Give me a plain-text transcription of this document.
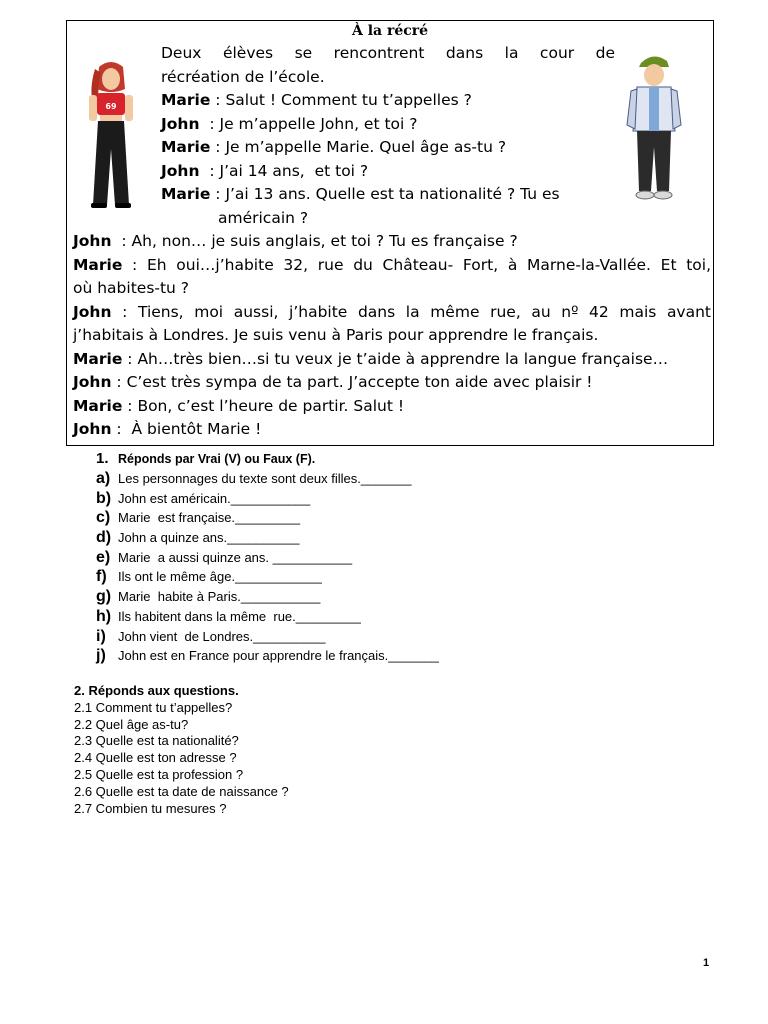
À la récré
69
Deux élèves se rencontrent dans la cour de
récréation de l’école.
Marie : Salut ! Comment tu t’appelles ?
John  : Je m’appelle John, et toi ?
Marie : Je m’appelle Marie. Quel âge as-tu ?
John  : J’ai 14 ans,  et toi ?
Marie : J’ai 13 ans. Quelle est ta nationalité ? Tu es
américain ?
John  : Ah, non… je suis anglais, et toi ? Tu es française ?
Marie : Eh oui…j’habite 32, rue du Château- Fort, à Marne-la-Vallée. Et toi,
où habites-tu ?
John : Tiens, moi aussi, j’habite dans la même rue, au nº 42 mais avant
j’habitais à Londres. Je suis venu à Paris pour apprendre le français.
Marie : Ah…très bien…si tu veux je t’aide à apprendre la langue française…
John : C’est très sympa de ta part. J’accepte ton aide avec plaisir !
Marie : Bon, c’est l’heure de partir. Salut !
John :  À bientôt Marie !
1. Réponds par Vrai (V) ou Faux (F).
a) Les personnages du texte sont deux filles._______
b) John est américain.___________
c) Marie  est française._________
d) John a quinze ans.__________
e) Marie  a aussi quinze ans. ___________
f) Ils ont le même âge.____________
g) Marie  habite à Paris.___________
h) Ils habitent dans la même  rue._________
i) John vient  de Londres.__________
j) John est en France pour apprendre le français._______
2. Réponds aux questions.
2.1 Comment tu t’appelles?
2.2 Quel âge as-tu?
2.3 Quelle est ta nationalité?
2.4 Quelle est ton adresse ?
2.5 Quelle est ta profession ?
2.6 Quelle est ta date de naissance ?
2.7 Combien tu mesures ?
1
